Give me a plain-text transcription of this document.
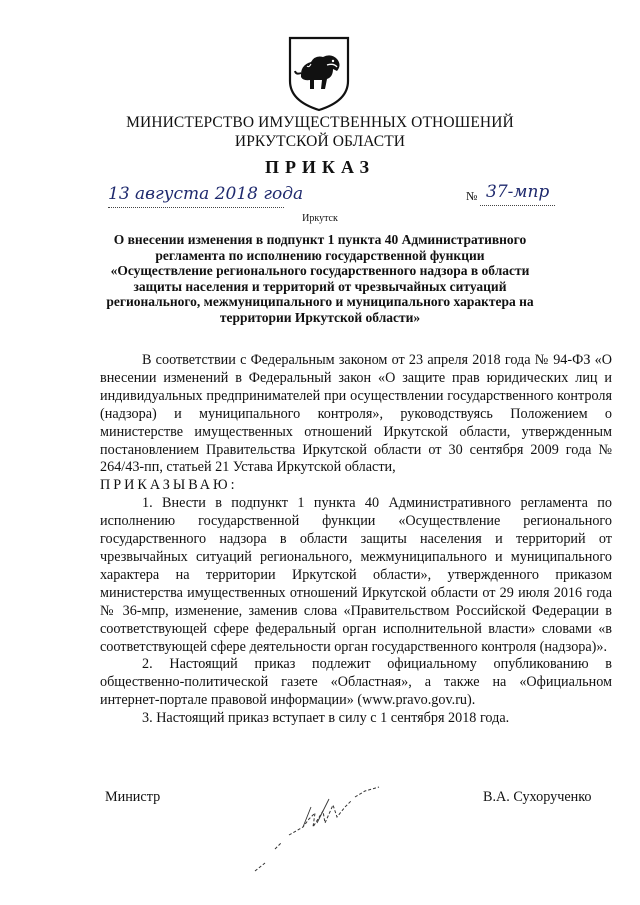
МИНИСТЕРСТВО ИМУЩЕСТВЕННЫХ ОТНОШЕНИЙ
ИРКУТСКОЙ ОБЛАСТИ
ПРИКАЗ
13 августа 2018 года	№ 37-мпр
Иркутск
О внесении изменения в подпункт 1 пункта 40 Административного
регламента по исполнению государственной функции
«Осуществление регионального государственного надзора в области
защиты населения и территорий от чрезвычайных ситуаций
регионального, межмуниципального и муниципального характера на
территории Иркутской области»

В соответствии с Федеральным законом от 23 апреля 2018 года № 94-ФЗ «О внесении изменений в Федеральный закон «О защите прав юридических лиц и индивидуальных предпринимателей при осуществлении государственного контроля (надзора) и муниципального контроля», руководствуясь Положением о министерстве имущественных отношений Иркутской области, утвержденным постановлением Правительства Иркутской области от 30 сентября 2009 года № 264/43-пп, статьей 21 Устава Иркутской области,

ПРИКАЗЫВАЮ:

1. Внести в подпункт 1 пункта 40 Административного регламента по исполнению государственной функции «Осуществление регионального государственного надзора в области защиты населения и территорий от чрезвычайных ситуаций регионального, межмуниципального и муниципального характера на территории Иркутской области», утвержденного приказом министерства имущественных отношений Иркутской области от 29 июля 2016 года № 36-мпр, изменение, заменив слова «Правительством Российской Федерации в соответствующей сфере федеральный орган исполнительной власти» словами «в соответствующей сфере деятельности орган государственного контроля (надзора)».

2. Настоящий приказ подлежит официальному опубликованию в общественно-политической газете «Областная», а также на «Официальном интернет-портале правовой информации» (www.pravo.gov.ru).

3. Настоящий приказ вступает в силу с 1 сентября 2018 года.

Министр	В.А. Сухорученко
